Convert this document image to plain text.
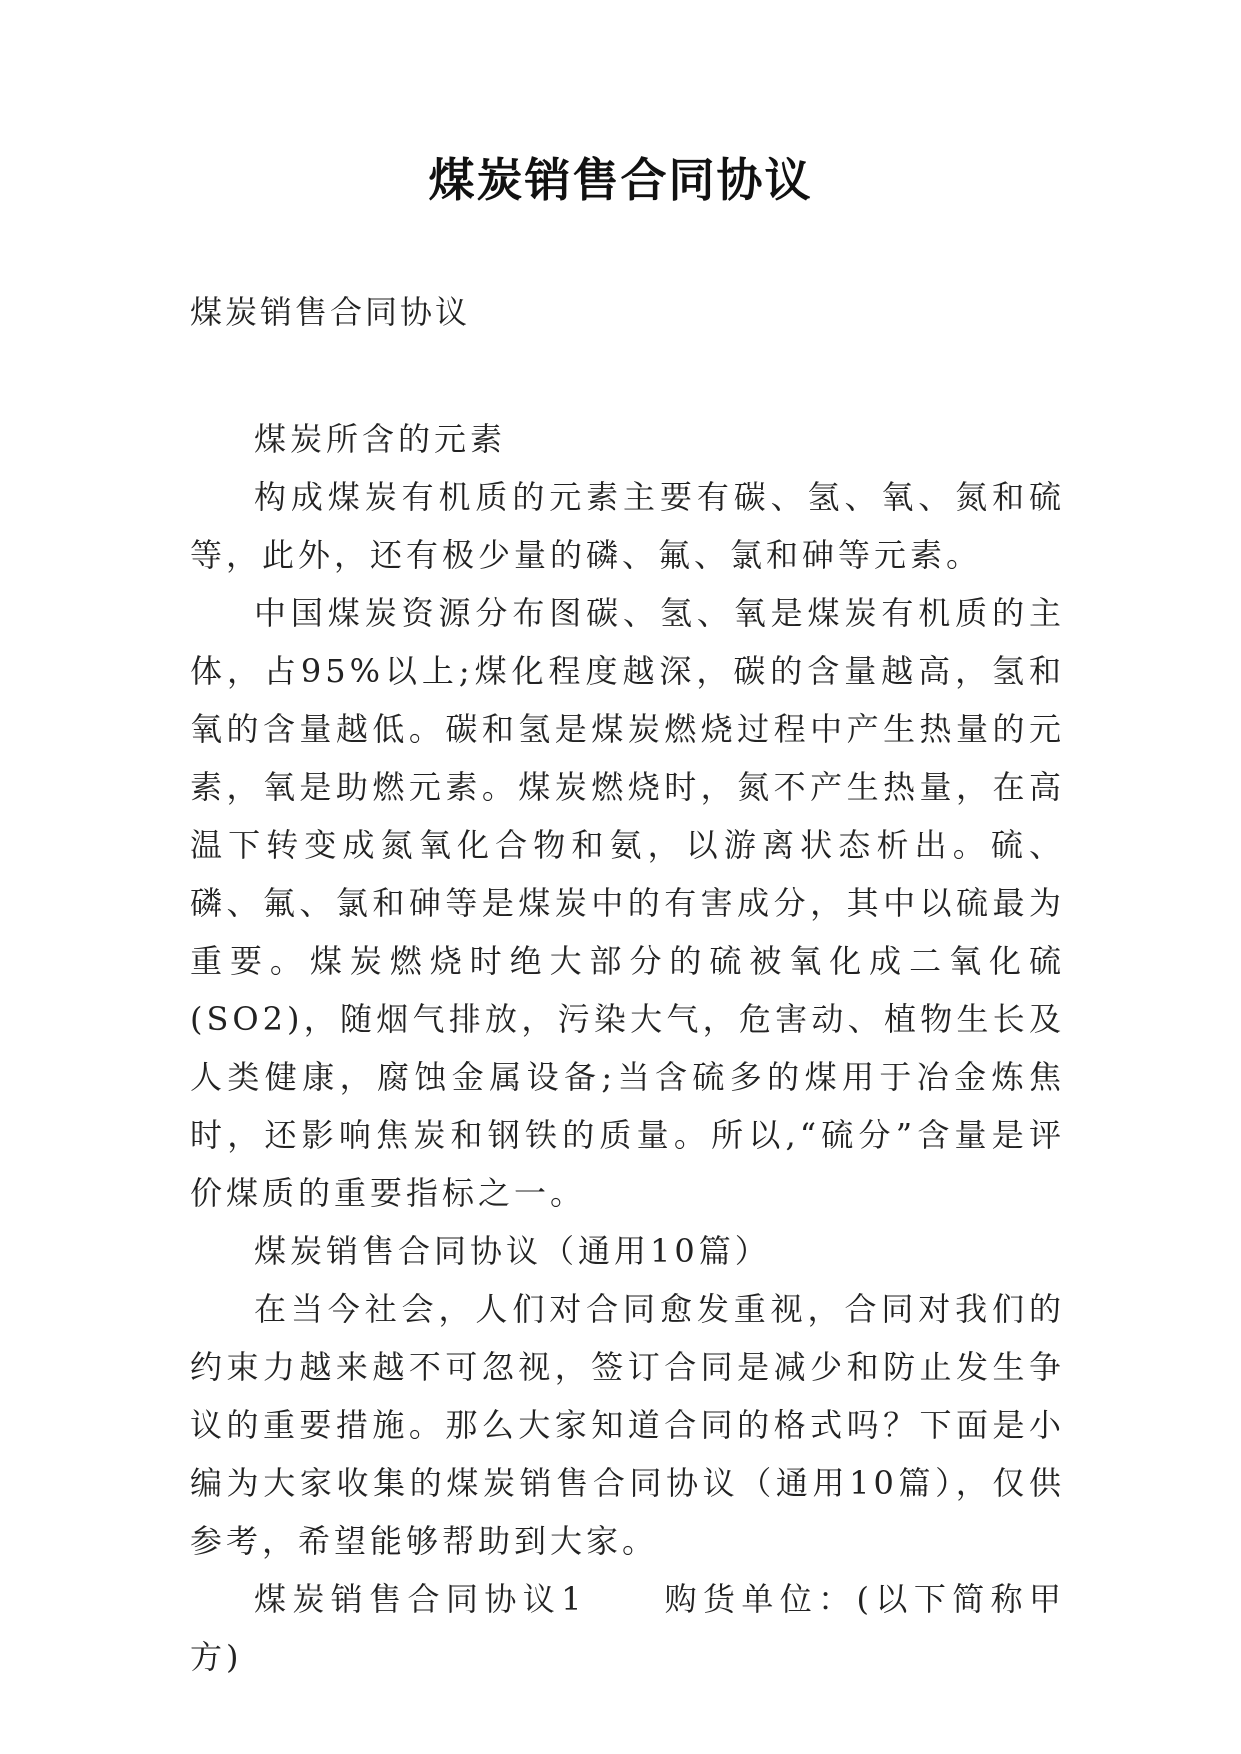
煤炭销售合同协议
煤炭销售合同协议

煤炭所含的元素

构成煤炭有机质的元素主要有碳、氢、氧、氮和硫等，此外，还有极少量的磷、氟、氯和砷等元素。

中国煤炭资源分布图碳、氢、氧是煤炭有机质的主体，占95%以上;煤化程度越深，碳的含量越高，氢和氧的含量越低。碳和氢是煤炭燃烧过程中产生热量的元素，氧是助燃元素。煤炭燃烧时，氮不产生热量，在高温下转变成氮氧化合物和氨，以游离状态析出。硫、磷、氟、氯和砷等是煤炭中的有害成分，其中以硫最为重要。煤炭燃烧时绝大部分的硫被氧化成二氧化硫(SO2)，随烟气排放，污染大气，危害动、植物生长及人类健康，腐蚀金属设备;当含硫多的煤用于冶金炼焦时，还影响焦炭和钢铁的质量。所以,“硫分”含量是评价煤质的重要指标之一。

煤炭销售合同协议（通用10篇）

在当今社会，人们对合同愈发重视，合同对我们的约束力越来越不可忽视，签订合同是减少和防止发生争议的重要措施。那么大家知道合同的格式吗？下面是小编为大家收集的煤炭销售合同协议（通用10篇），仅供参考，希望能够帮助到大家。

煤炭销售合同协议1　　购货单位：(以下简称甲方)
